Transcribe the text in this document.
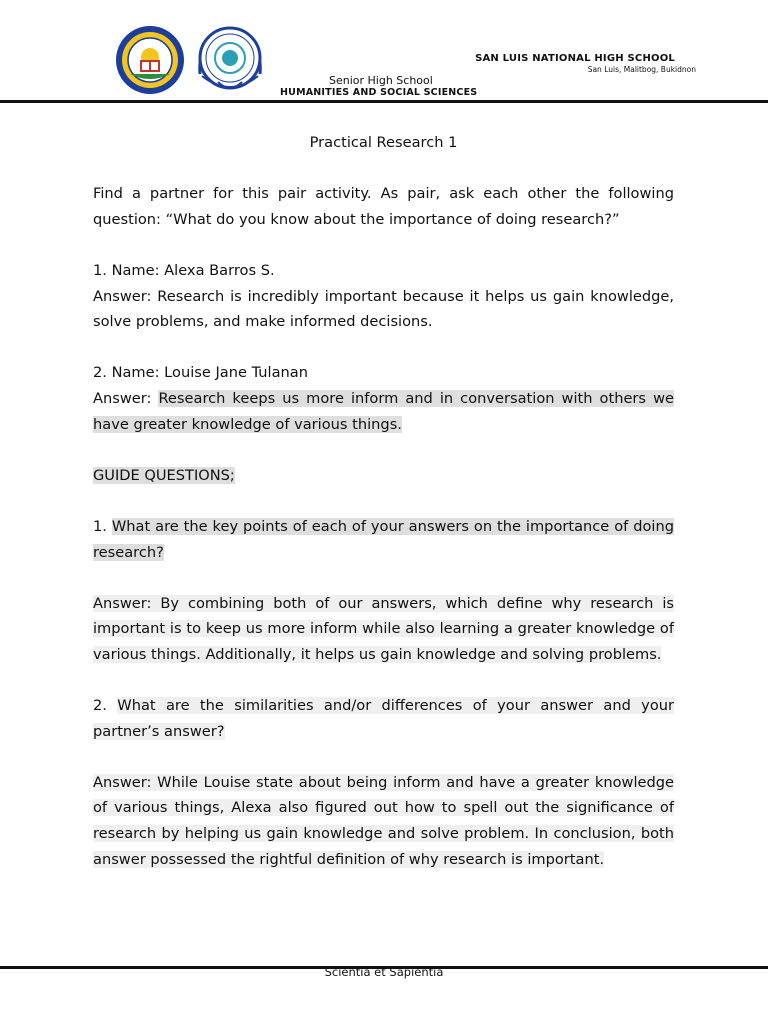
SAN LUIS NATIONAL HIGH SCHOOL
San Luis, Malitbog, Bukidnon
Senior High School
HUMANITIES AND SOCIAL SCIENCES

Practical Research 1

Find a partner for this pair activity. As pair, ask each other the following question: “What do you know about the importance of doing research?”

1. Name: Alexa Barros S.

Answer: Research is incredibly important because it helps us gain knowledge, solve problems, and make informed decisions.

2. Name: Louise Jane Tulanan

Answer: Research keeps us more inform and in conversation with others we have greater knowledge of various things.

GUIDE QUESTIONS;

1. What are the key points of each of your answers on the importance of doing research?

Answer: By combining both of our answers, which define why research is important is to keep us more inform while also learning a greater knowledge of various things. Additionally, it helps us gain knowledge and solving problems.

2. What are the similarities and/or differences of your answer and your partner’s answer?

Answer: While Louise state about being inform and have a greater knowledge of various things, Alexa also figured out how to spell out the significance of research by helping us gain knowledge and solve problem. In conclusion, both answer possessed the rightful definition of why research is important.

Scientia et Sapientia
